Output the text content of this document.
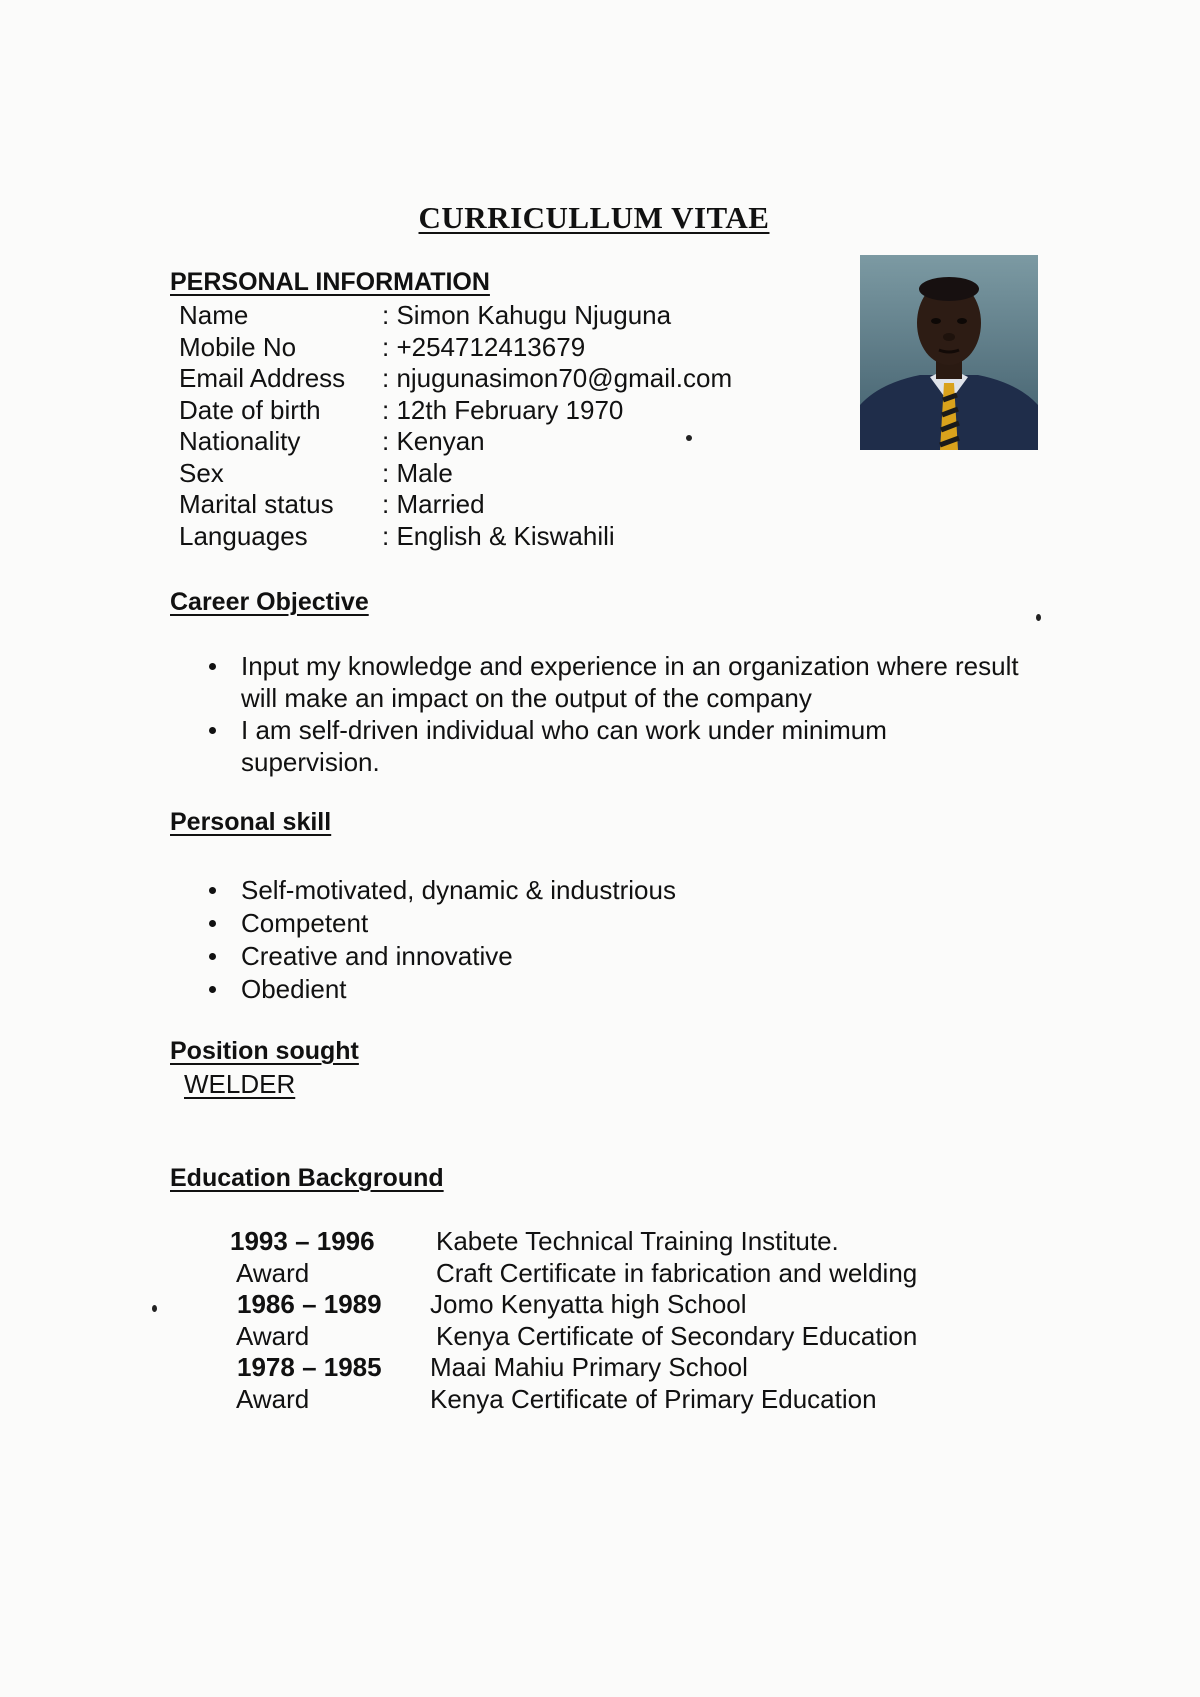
CURRICULLUM VITAE
PERSONAL INFORMATION
Name	: Simon Kahugu Njuguna
Mobile No	: +254712413679
Email Address	: njugunasimon70@gmail.com
Date of birth	: 12th February 1970
Nationality	: Kenyan
Sex	: Male
Marital status	: Married
Languages	: English & Kiswahili
Career Objective
Input my knowledge and experience in an organization where result will make an impact on the output of the company
I am self-driven individual who can work under minimum supervision.
Personal skill
Self-motivated, dynamic & industrious
Competent
Creative and innovative
Obedient
Position sought
WELDER
Education Background
1993 – 1996	Kabete Technical Training Institute.
Award	Craft Certificate in fabrication and welding
1986 – 1989	Jomo Kenyatta high School
Award	Kenya Certificate of Secondary Education
1978 – 1985	Maai Mahiu Primary School
Award	Kenya Certificate of Primary Education
